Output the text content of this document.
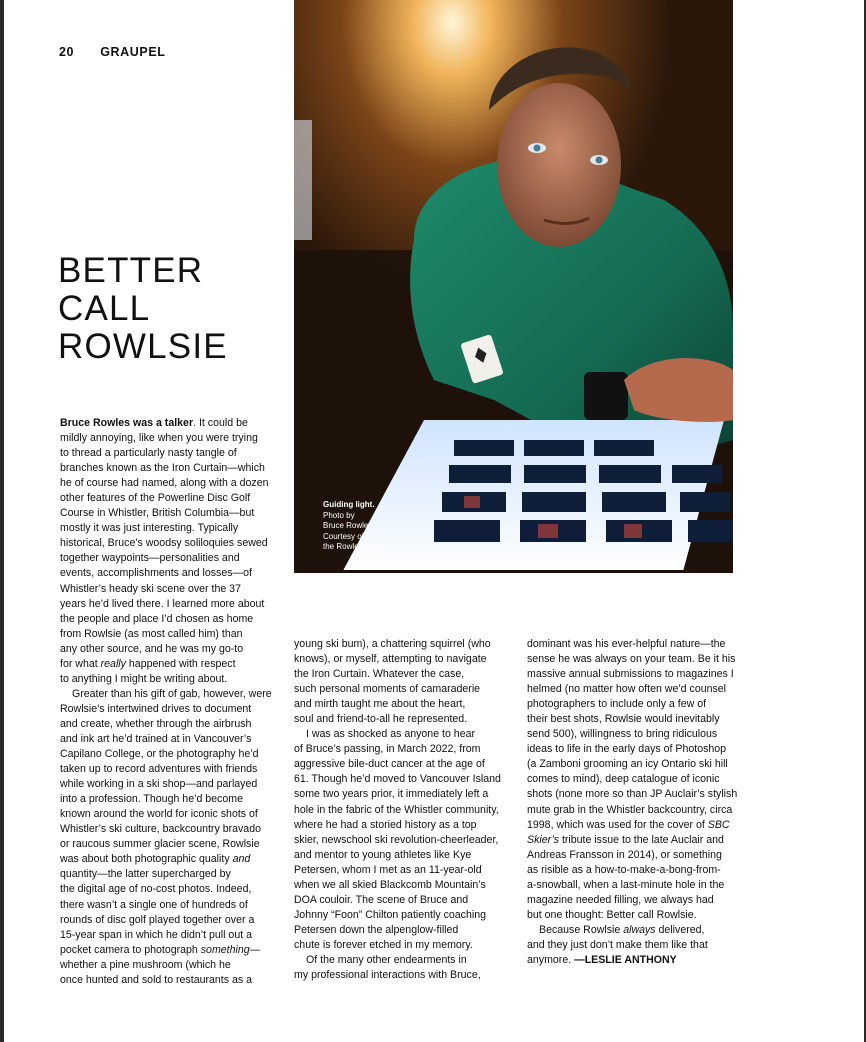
20 GRAUPEL
BETTER
CALL
ROWLSIE
Guiding light.
Photo by
Bruce Rowles /
Courtesy of
the Rowles family
Bruce Rowles was a talker. It could be
mildly annoying, like when you were trying
to thread a particularly nasty tangle of
branches known as the Iron Curtain—which
he of course had named, along with a dozen
other features of the Powerline Disc Golf
Course in Whistler, British Columbia—but
mostly it was just interesting. Typically
historical, Bruce’s woodsy soliloquies sewed
together waypoints—personalities and
events, accomplishments and losses—of
Whistler’s heady ski scene over the 37
years he’d lived there. I learned more about
the people and place I’d chosen as home
from Rowlsie (as most called him) than
any other source, and he was my go-to
for what really happened with respect
to anything I might be writing about.
Greater than his gift of gab, however, were
Rowlsie’s intertwined drives to document
and create, whether through the airbrush
and ink art he’d trained at in Vancouver’s
Capilano College, or the photography he’d
taken up to record adventures with friends
while working in a ski shop—and parlayed
into a profession. Though he’d become
known around the world for iconic shots of
Whistler’s ski culture, backcountry bravado
or raucous summer glacier scene, Rowlsie
was about both photographic quality and
quantity—the latter supercharged by
the digital age of no-cost photos. Indeed,
there wasn’t a single one of hundreds of
rounds of disc golf played together over a
15-year span in which he didn’t pull out a
pocket camera to photograph something—
whether a pine mushroom (which he
once hunted and sold to restaurants as a
young ski bum), a chattering squirrel (who
knows), or myself, attempting to navigate
the Iron Curtain. Whatever the case,
such personal moments of camaraderie
and mirth taught me about the heart,
soul and friend-to-all he represented.
I was as shocked as anyone to hear
of Bruce’s passing, in March 2022, from
aggressive bile-duct cancer at the age of
61. Though he’d moved to Vancouver Island
some two years prior, it immediately left a
hole in the fabric of the Whistler community,
where he had a storied history as a top
skier, newschool ski revolution-cheerleader,
and mentor to young athletes like Kye
Petersen, whom I met as an 11-year-old
when we all skied Blackcomb Mountain’s
DOA couloir. The scene of Bruce and
Johnny “Foon” Chilton patiently coaching
Petersen down the alpenglow-filled
chute is forever etched in my memory.
Of the many other endearments in
my professional interactions with Bruce,
dominant was his ever-helpful nature—the
sense he was always on your team. Be it his
massive annual submissions to magazines I
helmed (no matter how often we’d counsel
photographers to include only a few of
their best shots, Rowlsie would inevitably
send 500), willingness to bring ridiculous
ideas to life in the early days of Photoshop
(a Zamboni grooming an icy Ontario ski hill
comes to mind), deep catalogue of iconic
shots (none more so than JP Auclair’s stylish
mute grab in the Whistler backcountry, circa
1998, which was used for the cover of SBC
Skier’s tribute issue to the late Auclair and
Andreas Fransson in 2014), or something
as risible as a how-to-make-a-bong-from-
a-snowball, when a last-minute hole in the
magazine needed filling, we always had
but one thought: Better call Rowlsie.
Because Rowlsie always delivered,
and they just don’t make them like that
anymore. —LESLIE ANTHONY
